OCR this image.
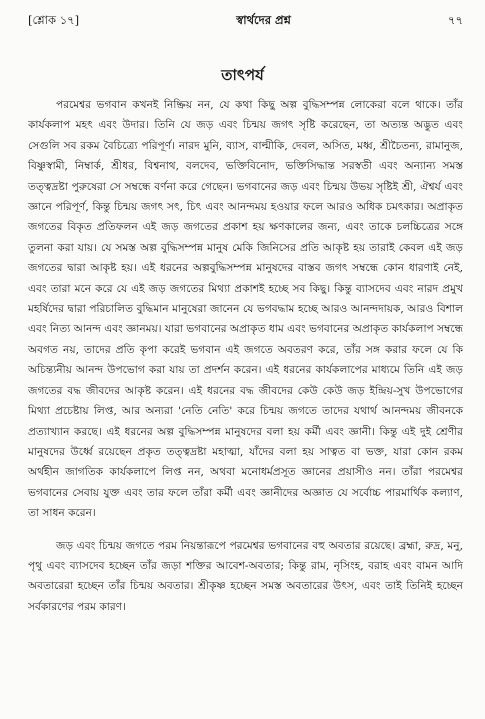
[শ্লোক ১৭]	স্বার্থদের প্রশ্ন	৭৭
তাৎপর্য

পরমেশ্বর ভগবান কখনই নিষ্ক্রিয় নন, যে কথা কিছু অল্প বুদ্ধিসম্পন্ন লোকেরা বলে থাকে। তাঁর কার্যকলাপ মহৎ এবং উদার। তিনি যে জড় এবং চিন্ময় জগৎ সৃষ্টি করেছেন, তা অত্যন্ত অদ্ভুত এবং সেগুলি সব রকম বৈচিত্র্যে পরিপূর্ণ। নারদ মুনি, ব্যাস, বাল্মীকি, দেবল, অসিত, মধ্ব, শ্রীচৈতন্য, রামানুজ, বিষ্ণুস্বামী, নিম্বার্ক, শ্রীধর, বিশ্বনাথ, বলদেব, ভক্তিবিনোদ, ভক্তিসিদ্ধান্ত সরস্বতী এবং অন্যান্য সমস্ত তত্ত্বদ্রষ্টা পুরুষেরা সে সম্বন্ধে বর্ণনা করে গেছেন। ভগবানের জড় এবং চিন্ময় উভয় সৃষ্টিই শ্রী, ঐশ্বর্য এবং জ্ঞানে পরিপূর্ণ, কিন্তু চিন্ময় জগৎ সৎ, চিৎ এবং আনন্দময় হওয়ার ফলে আরও অধিক চমৎকার। অপ্রাকৃত জগতের বিকৃত প্রতিফলন এই জড় জগতের প্রকাশ হয় ক্ষণকালের জন্য, এবং তাকে চলচ্চিত্রের সঙ্গে তুলনা করা যায়। যে সমস্ত অল্প বুদ্ধিসম্পন্ন মানুষ মেকি জিনিসের প্রতি আকৃষ্ট হয় তারাই কেবল এই জড় জগতের দ্বারা আকৃষ্ট হয়। এই ধরনের অল্পবুদ্ধিসম্পন্ন মানুষদের বাস্তব জগৎ সম্বন্ধে কোন ধারণাই নেই, এবং তারা মনে করে যে এই জড় জগতের মিথ্যা প্রকাশই হচ্ছে সব কিছু। কিন্তু ব্যাসদেব এবং নারদ প্রমুখ মহর্ষিদের দ্বারা পরিচালিত বুদ্ধিমান মানুষেরা জানেন যে ভগবদ্ধাম হচ্ছে আরও আনন্দদায়ক, আরও বিশাল এবং নিত্য আনন্দ এবং জ্ঞানময়। যারা ভগবানের অপ্রাকৃত ধাম এবং ভগবানের অপ্রাকৃত কার্যকলাপ সম্বন্ধে অবগত নয়, তাদের প্রতি কৃপা করেই ভগবান এই জগতে অবতরণ করে, তাঁর সঙ্গ করার ফলে যে কি অচিন্ত্যনীয় আনন্দ উপভোগ করা যায় তা প্রদর্শন করেন। এই ধরনের কার্যকলাপের মাধ্যমে তিনি এই জড় জগতের বদ্ধ জীবদের আকৃষ্ট করেন। এই ধরনের বদ্ধ জীবদের কেউ কেউ জড় ইন্দ্রিয়-সুখ উপভোগের মিথ্যা প্রচেষ্টায় লিপ্ত, আর অন্যরা 'নেতি নেতি' করে চিন্ময় জগতে তাদের যথার্থ আনন্দময় জীবনকে প্রত্যাখ্যান করছে। এই ধরনের অল্প বুদ্ধিসম্পন্ন মানুষদের বলা হয় কর্মী এবং জ্ঞানী। কিন্তু এই দুই শ্রেণীর মানুষদের উর্ধ্বে রয়েছেন প্রকৃত তত্ত্বদ্রষ্টা মহাত্মা, যাঁদের বলা হয় সাত্বত বা ভক্ত, যারা কোন রকম অর্থহীন জাগতিক কার্যকলাপে লিপ্ত নন, অথবা মনোধর্মপ্রসূত জ্ঞানের প্রয়াসীও নন। তাঁরা পরমেশ্বর ভগবানের সেবায় যুক্ত এবং তার ফলে তাঁরা কর্মী এবং জ্ঞানীদের অজ্ঞাত যে সর্বোচ্চ পারমার্থিক কল্যাণ, তা সাধন করেন।

জড় এবং চিন্ময় জগতে পরম নিয়ন্তারূপে পরমেশ্বর ভগবানের বহু অবতার রয়েছে। ব্রহ্মা, রুদ্র, মনু, পৃথু এবং ব্যাসদেব হচ্ছেন তাঁর জড়া শক্তির আবেশ-অবতার; কিন্তু রাম, নৃসিংহ, বরাহ এবং বামন আদি অবতারেরা হচ্ছেন তাঁর চিন্ময় অবতার। শ্রীকৃষ্ণ হচ্ছেন সমস্ত অবতারের উৎস, এবং তাই তিনিই হচ্ছেন সর্বকারণের পরম কারণ।
